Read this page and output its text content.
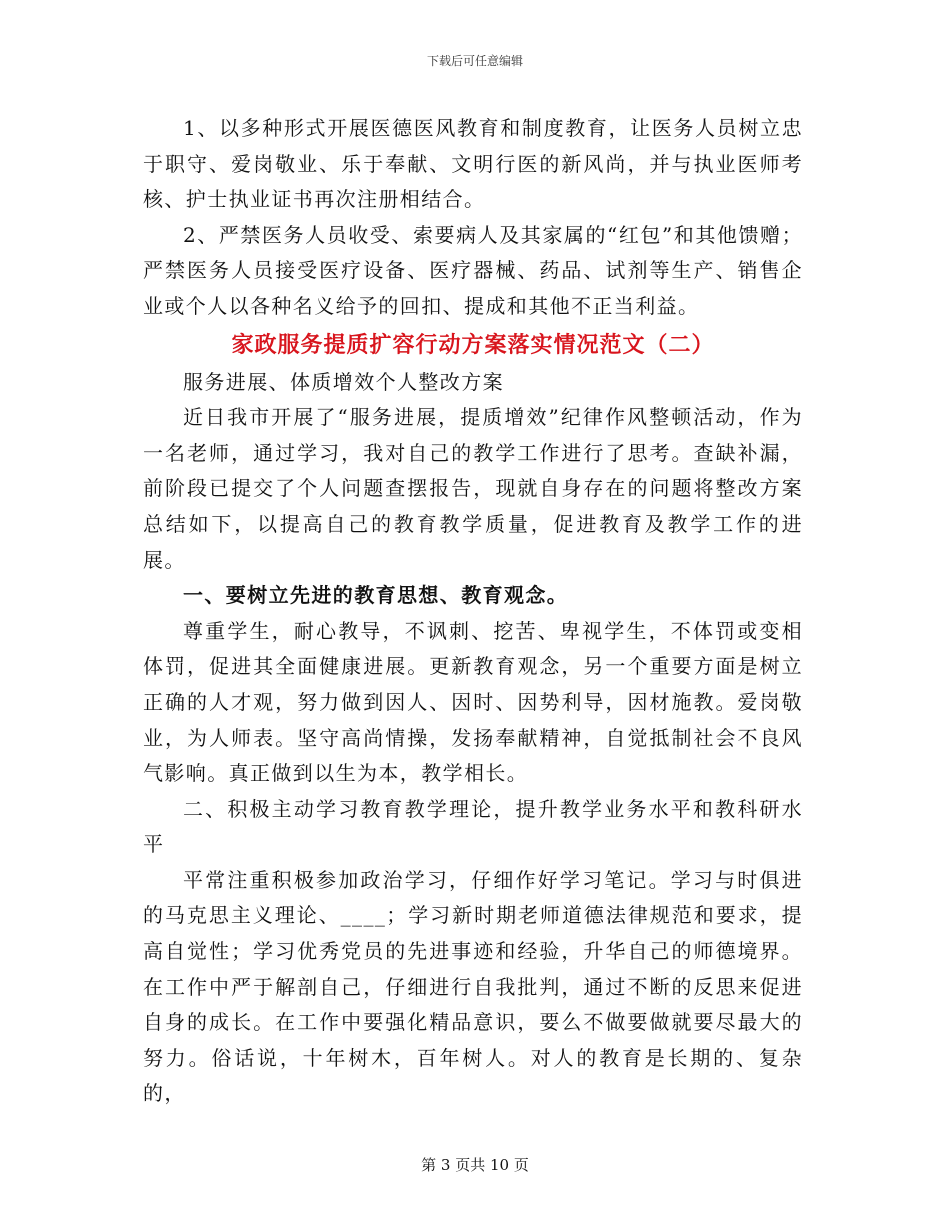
下载后可任意编辑

1、以多种形式开展医德医风教育和制度教育，让医务人员树立忠于职守、爱岗敬业、乐于奉献、文明行医的新风尚，并与执业医师考核、护士执业证书再次注册相结合。

2、严禁医务人员收受、索要病人及其家属的“红包”和其他馈赠；严禁医务人员接受医疗设备、医疗器械、药品、试剂等生产、销售企业或个人以各种名义给予的回扣、提成和其他不正当利益。

家政服务提质扩容行动方案落实情况范文（二）

服务进展、体质增效个人整改方案

近日我市开展了“服务进展，提质增效”纪律作风整顿活动，作为一名老师，通过学习，我对自己的教学工作进行了思考。查缺补漏，前阶段已提交了个人问题查摆报告，现就自身存在的问题将整改方案总结如下，以提高自己的教育教学质量，促进教育及教学工作的进展。

一、要树立先进的教育思想、教育观念。

尊重学生，耐心教导，不讽刺、挖苦、卑视学生，不体罚或变相体罚，促进其全面健康进展。更新教育观念，另一个重要方面是树立正确的人才观，努力做到因人、因时、因势利导，因材施教。爱岗敬业，为人师表。坚守高尚情操，发扬奉献精神，自觉抵制社会不良风气影响。真正做到以生为本，教学相长。

二、积极主动学习教育教学理论，提升教学业务水平和教科研水平

平常注重积极参加政治学习，仔细作好学习笔记。学习与时俱进的马克思主义理论、____；学习新时期老师道德法律规范和要求，提高自觉性；学习优秀党员的先进事迹和经验，升华自己的师德境界。在工作中严于解剖自己，仔细进行自我批判，通过不断的反思来促进自身的成长。在工作中要强化精品意识，要么不做要做就要尽最大的努力。俗话说，十年树木，百年树人。对人的教育是长期的、复杂的，

第 3 页共 10 页
